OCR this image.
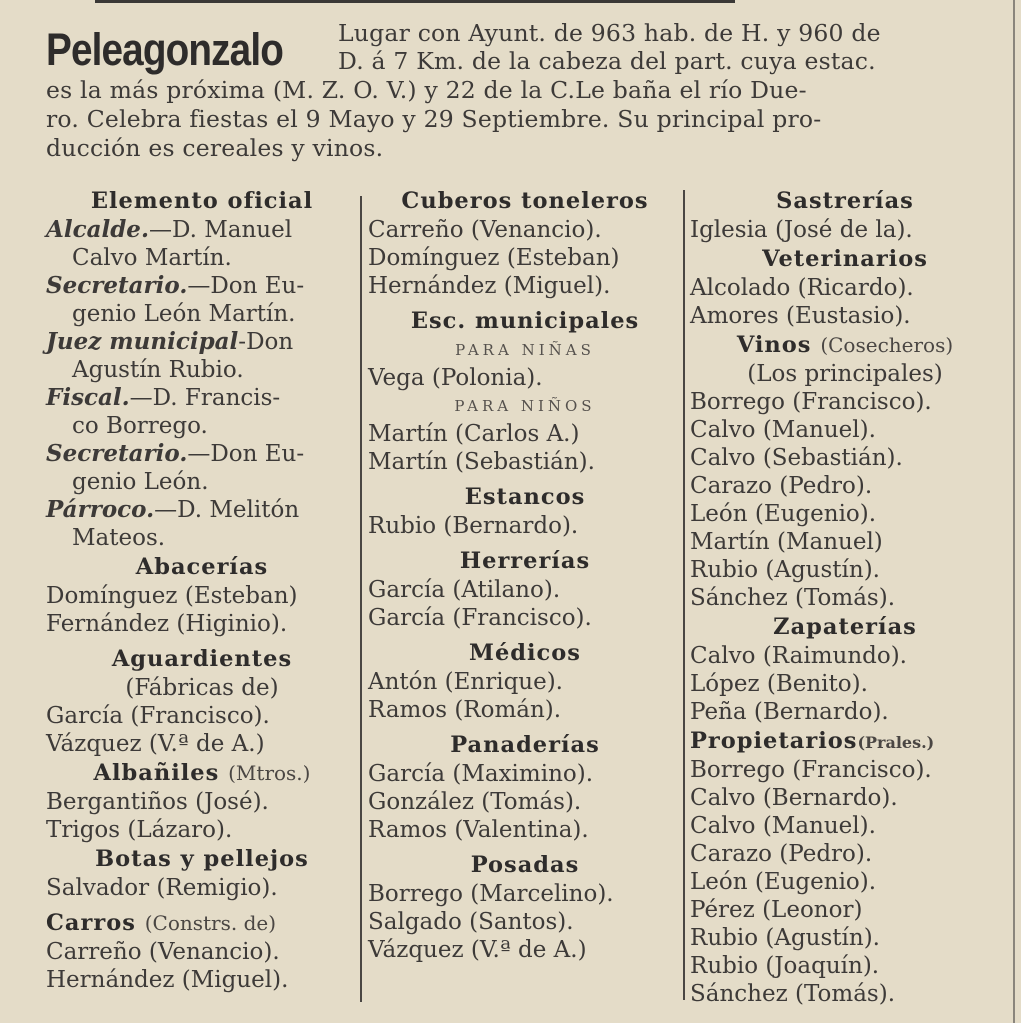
Peleagonzalo Lugar con Ayunt. de 963 hab. de H. y 960 de
D. á 7 Km. de la cabeza del part. cuya estac.
es la más próxima (M. Z. O. V.) y 22 de la C.Le baña el río Due-
ro. Celebra fiestas el 9 Mayo y 29 Septiembre. Su principal pro-
ducción es cereales y vinos.
Elemento oficial
Alcalde.—D. Manuel
Calvo Martín.
Secretario.—Don Eu-
genio León Martín.
Juez municipal-Don
Agustín Rubio.
Fiscal.—D. Francis-
co Borrego.
Secretario.—Don Eu-
genio León.
Párroco.—D. Melitón
Mateos.
Abacerías
Domínguez (Esteban)
Fernández (Higinio).
Aguardientes
(Fábricas de)
García (Francisco).
Vázquez (V.ª de A.)
Albañiles (Mtros.)
Bergantiños (José).
Trigos (Lázaro).
Botas y pellejos
Salvador (Remigio).
Carros (Constrs. de)
Carreño (Venancio).
Hernández (Miguel).
Cuberos toneleros
Carreño (Venancio).
Domínguez (Esteban)
Hernández (Miguel).
Esc. municipales
PARA NIÑAS
Vega (Polonia).
PARA NIÑOS
Martín (Carlos A.)
Martín (Sebastián).
Estancos
Rubio (Bernardo).
Herrerías
García (Atilano).
García (Francisco).
Médicos
Antón (Enrique).
Ramos (Román).
Panaderías
García (Maximino).
González (Tomás).
Ramos (Valentina).
Posadas
Borrego (Marcelino).
Salgado (Santos).
Vázquez (V.ª de A.)
Sastrerías
Iglesia (José de la).
Veterinarios
Alcolado (Ricardo).
Amores (Eustasio).
Vinos (Cosecheros)
(Los principales)
Borrego (Francisco).
Calvo (Manuel).
Calvo (Sebastián).
Carazo (Pedro).
León (Eugenio).
Martín (Manuel)
Rubio (Agustín).
Sánchez (Tomás).
Zapaterías
Calvo (Raimundo).
López (Benito).
Peña (Bernardo).
Propietarios(Prales.)
Borrego (Francisco).
Calvo (Bernardo).
Calvo (Manuel).
Carazo (Pedro).
León (Eugenio).
Pérez (Leonor)
Rubio (Agustín).
Rubio (Joaquín).
Sánchez (Tomás).
